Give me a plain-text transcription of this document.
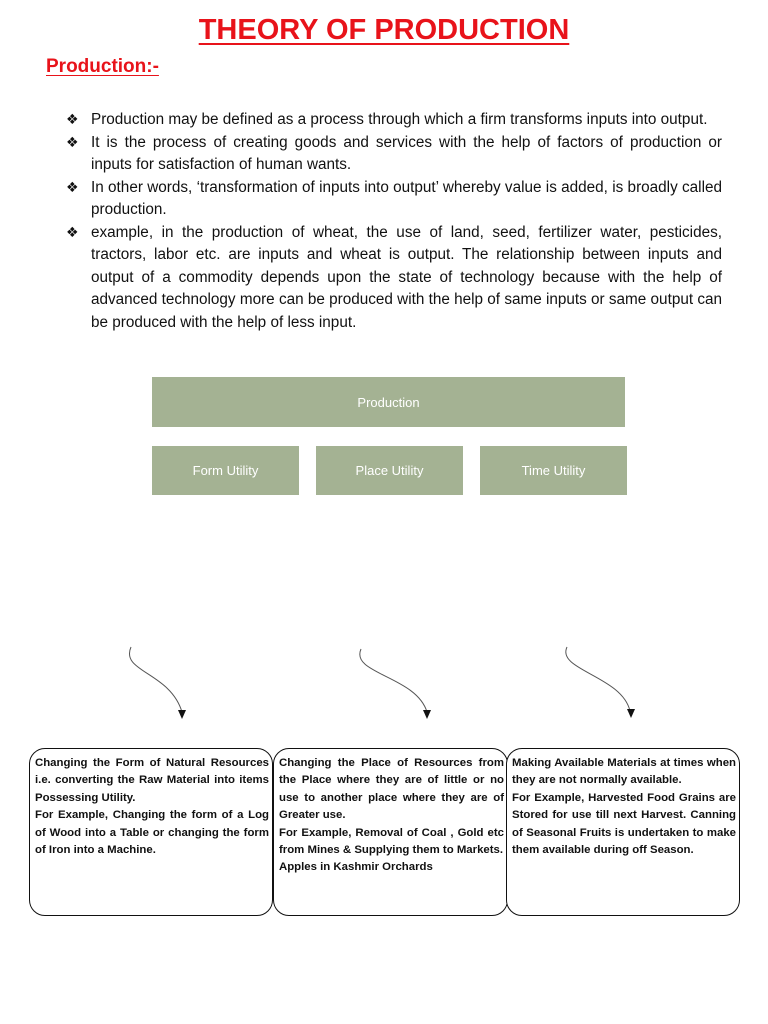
THEORY OF PRODUCTION
Production:-
❖ Production may be defined as a process through which a firm transforms inputs into output.
❖ It is the process of creating goods and services with the help of factors of production or inputs for satisfaction of human wants.
❖ In other words, ‘transformation of inputs into output’ whereby value is added, is broadly called production.
❖ example, in the production of wheat, the use of land, seed, fertilizer water, pesticides, tractors, labor etc. are inputs and wheat is output. The relationship between inputs and output of a commodity depends upon the state of technology because with the help of advanced technology more can be produced with the help of same inputs or same output can be produced with the help of less input.
Production
Form Utility	Place Utility	Time Utility

Changing the Form of Natural Resources i.e. converting the Raw Material into items Possessing Utility.

For Example, Changing the form of a Log of Wood into a Table or changing the form of Iron into a Machine.

Changing the Place of Resources from the Place where they are of little or no use to another place where they are of Greater use.

For Example, Removal of Coal , Gold etc from Mines & Supplying them to Markets.

Apples in Kashmir Orchards

Making Available Materials at times when they are not normally available.

For Example, Harvested Food Grains are Stored for use till next Harvest. Canning of Seasonal Fruits is undertaken to make them available during off Season.
